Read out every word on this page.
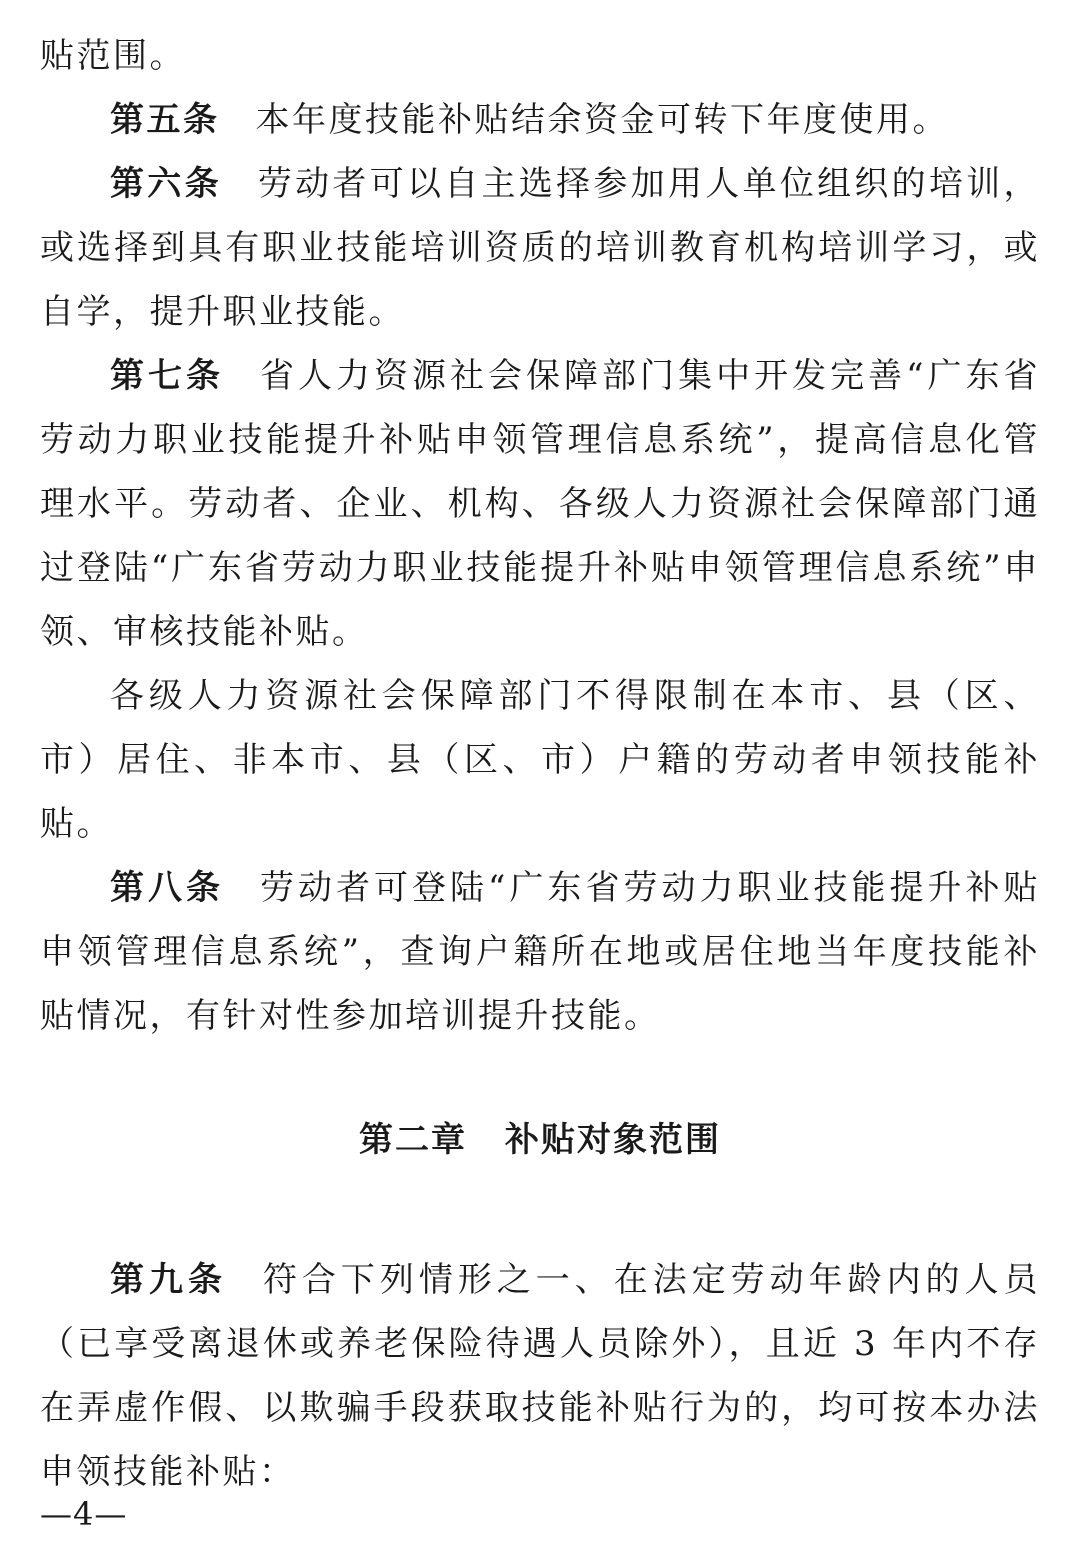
贴范围。

第五条 本年度技能补贴结余资金可转下年度使用。

第六条 劳动者可以自主选择参加用人单位组织的培训，或选择到具有职业技能培训资质的培训教育机构培训学习，或自学，提升职业技能。

第七条 省人力资源社会保障部门集中开发完善“广东省劳动力职业技能提升补贴申领管理信息系统”，提高信息化管理水平。劳动者、企业、机构、各级人力资源社会保障部门通过登陆“广东省劳动力职业技能提升补贴申领管理信息系统”申领、审核技能补贴。

各级人力资源社会保障部门不得限制在本市、县（区、市）居住、非本市、县（区、市）户籍的劳动者申领技能补贴。

第八条 劳动者可登陆“广东省劳动力职业技能提升补贴申领管理信息系统”，查询户籍所在地或居住地当年度技能补贴情况，有针对性参加培训提升技能。

第二章 补贴对象范围

第九条 符合下列情形之一、在法定劳动年龄内的人员（已享受离退休或养老保险待遇人员除外），且近 3 年内不存在弄虚作假、以欺骗手段获取技能补贴行为的，均可按本办法申领技能补贴：

—4—
